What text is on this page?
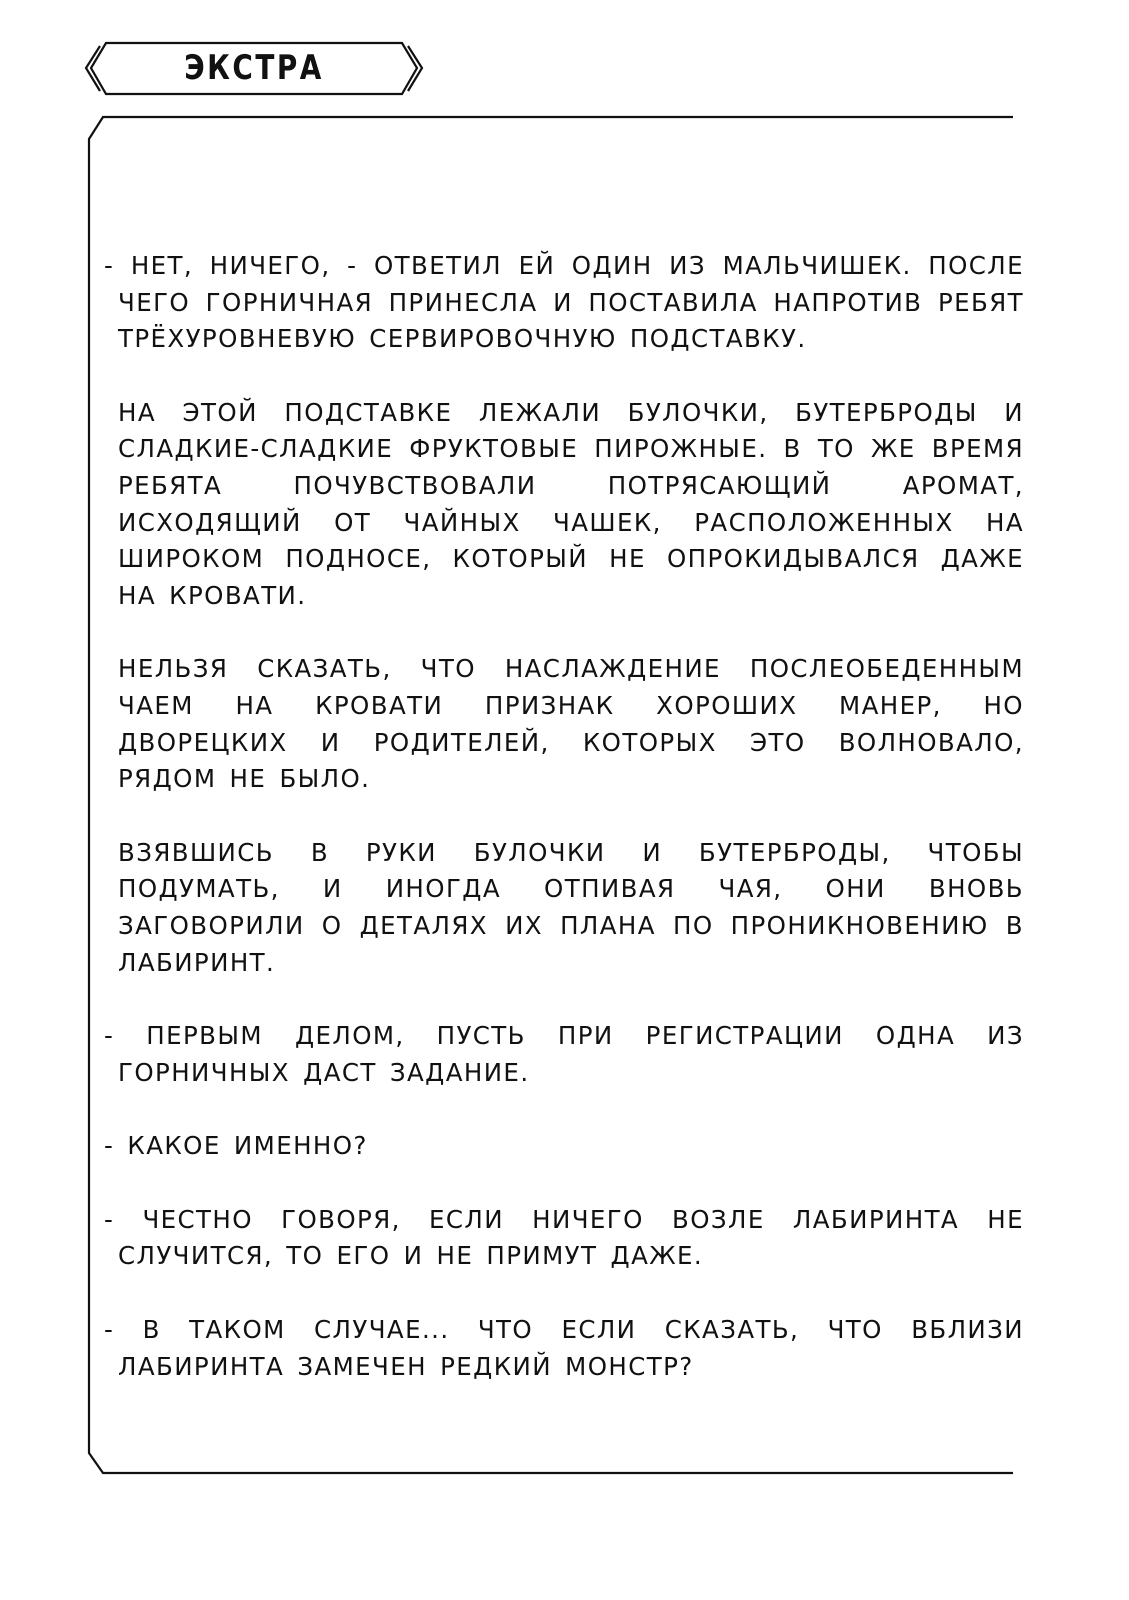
ЭКСТРА

- НЕТ, НИЧЕГО, - ОТВЕТИЛ ЕЙ ОДИН ИЗ МАЛЬЧИШЕК. ПОСЛЕ ЧЕГО ГОРНИЧНАЯ ПРИНЕСЛА И ПОСТАВИЛА НАПРОТИВ РЕБЯТ ТРЁХУРОВНЕВУЮ СЕРВИРОВОЧНУЮ ПОДСТАВКУ.

НА ЭТОЙ ПОДСТАВКЕ ЛЕЖАЛИ БУЛОЧКИ, БУТЕРБРОДЫ И СЛАДКИЕ-СЛАДКИЕ ФРУКТОВЫЕ ПИРОЖНЫЕ. В ТО ЖЕ ВРЕМЯ РЕБЯТА ПОЧУВСТВОВАЛИ ПОТРЯСАЮЩИЙ АРОМАТ, ИСХОДЯЩИЙ ОТ ЧАЙНЫХ ЧАШЕК, РАСПОЛОЖЕННЫХ НА ШИРОКОМ ПОДНОСЕ, КОТОРЫЙ НЕ ОПРОКИДЫВАЛСЯ ДАЖЕ НА КРОВАТИ.

НЕЛЬЗЯ СКАЗАТЬ, ЧТО НАСЛАЖДЕНИЕ ПОСЛЕОБЕДЕННЫМ ЧАЕМ НА КРОВАТИ ПРИЗНАК ХОРОШИХ МАНЕР, НО ДВОРЕЦКИХ И РОДИТЕЛЕЙ, КОТОРЫХ ЭТО ВОЛНОВАЛО, РЯДОМ НЕ БЫЛО.

ВЗЯВШИСЬ В РУКИ БУЛОЧКИ И БУТЕРБРОДЫ, ЧТОБЫ ПОДУМАТЬ, И ИНОГДА ОТПИВАЯ ЧАЯ, ОНИ ВНОВЬ ЗАГОВОРИЛИ О ДЕТАЛЯХ ИХ ПЛАНА ПО ПРОНИКНОВЕНИЮ В ЛАБИРИНТ.

- ПЕРВЫМ ДЕЛОМ, ПУСТЬ ПРИ РЕГИСТРАЦИИ ОДНА ИЗ ГОРНИЧНЫХ ДАСТ ЗАДАНИЕ.

- КАКОЕ ИМЕННО?

- ЧЕСТНО ГОВОРЯ, ЕСЛИ НИЧЕГО ВОЗЛЕ ЛАБИРИНТА НЕ СЛУЧИТСЯ, ТО ЕГО И НЕ ПРИМУТ ДАЖЕ.

- В ТАКОМ СЛУЧАЕ... ЧТО ЕСЛИ СКАЗАТЬ, ЧТО ВБЛИЗИ ЛАБИРИНТА ЗАМЕЧЕН РЕДКИЙ МОНСТР?
